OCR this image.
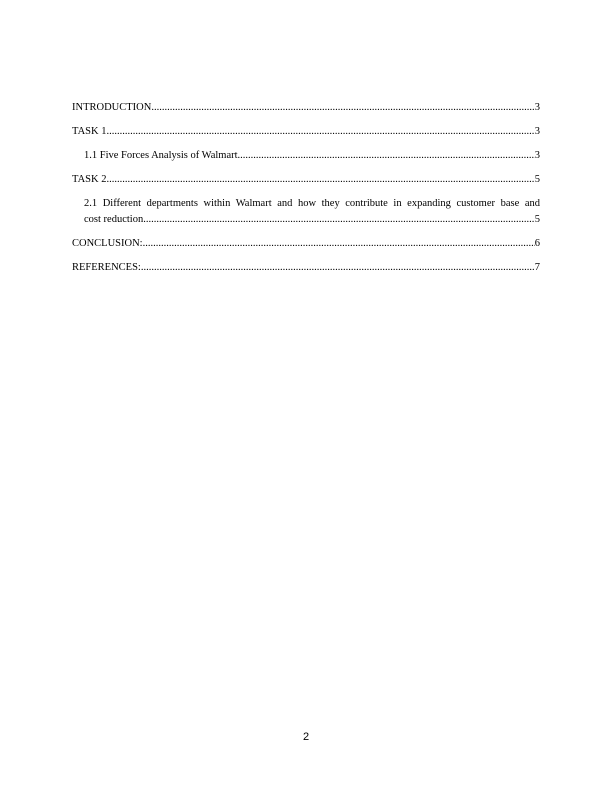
INTRODUCTION .....	3
TASK 1 .....	3
1.1 Five Forces Analysis of Walmart .....	3
TASK 2 .....	5
2.1 Different departments within Walmart and how they contribute in expanding customer base and
cost reduction .....	5
CONCLUSION: .....	6
REFERENCES: .....	7
2
